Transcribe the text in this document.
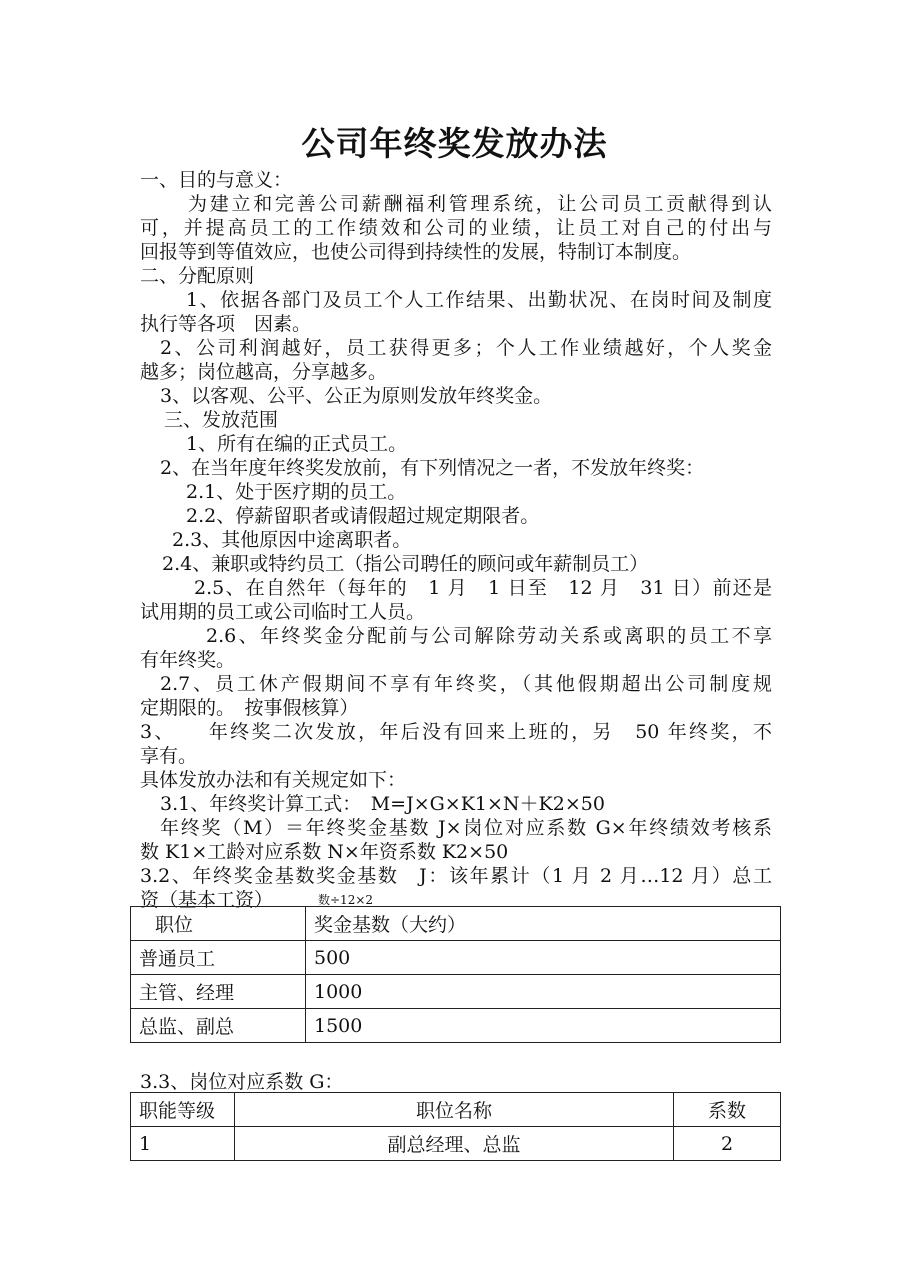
公司年终奖发放办法
一、目的与意义：
为建立和完善公司薪酬福利管理系统，让公司员工贡献得到认
可，并提高员工的工作绩效和公司的业绩，让员工对自己的付出与
回报等到等值效应，也使公司得到持续性的发展，特制订本制度。
二、分配原则
1、依据各部门及员工个人工作结果、出勤状况、在岗时间及制度
执行等各项　因素。
2、公司利润越好，员工获得更多；个人工作业绩越好，个人奖金
越多；岗位越高，分享越多。
3、以客观、公平、公正为原则发放年终奖金。
三、发放范围
1、所有在编的正式员工。
2、在当年度年终奖发放前，有下列情况之一者，不发放年终奖：
2.1、处于医疗期的员工。
2.2、停薪留职者或请假超过规定期限者。
2.3、其他原因中途离职者。
2.4、兼职或特约员工（指公司聘任的顾问或年薪制员工）
2.5、在自然年（每年的　1 月　1 日至　12 月　31 日）前还是
试用期的员工或公司临时工人员。
2.6、年终奖金分配前与公司解除劳动关系或离职的员工不享
有年终奖。
2.7、员工休产假期间不享有年终奖，（其他假期超出公司制度规
定期限的。　按事假核算）
3、　　年终奖二次发放，年后没有回来上班的，另　50 年终奖，不
享有。
具体发放办法和有关规定如下：
3.1、年终奖计算工式：　M=J×G×K1×N＋K2×50
年终奖（M）＝年终奖金基数 J×岗位对应系数 G×年终绩效考核系
数 K1×工龄对应系数 N×年资系数 K2×50
3.2、年终奖金基数奖金基数　J：该年累计（1 月 2 月…12 月）总工
资（基本工资）	数÷12×2
职位	奖金基数（大约）
普通员工	500
主管、经理	1000
总监、副总	1500
3.3、岗位对应系数 G：
职能等级	职位名称	系数
1	副总经理、总监	2
